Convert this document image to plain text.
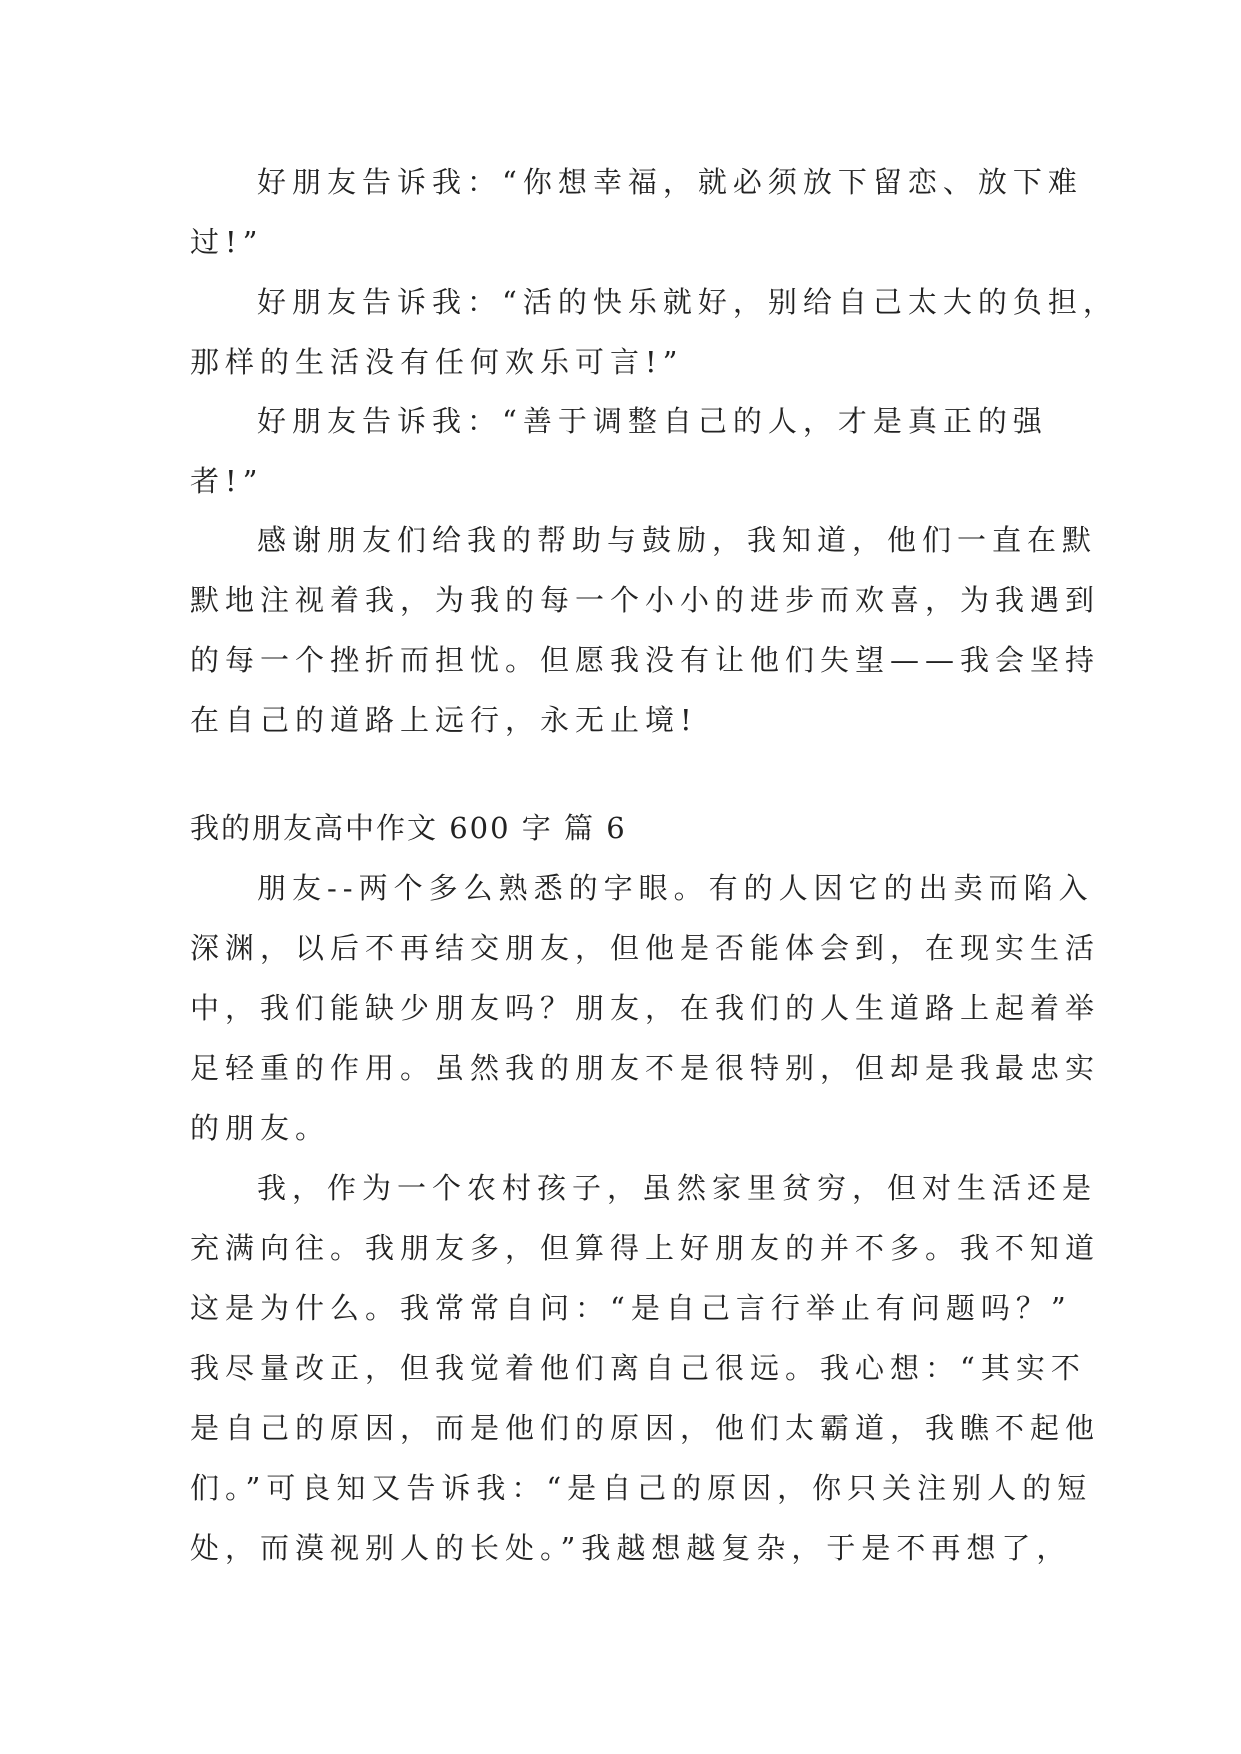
好朋友告诉我：“你想幸福，就必须放下留恋、放下难
过!”
好朋友告诉我：“活的快乐就好，别给自己太大的负担，
那样的生活没有任何欢乐可言!”
好朋友告诉我：“善于调整自己的人，才是真正的强
者!”
感谢朋友们给我的帮助与鼓励，我知道，他们一直在默
默地注视着我，为我的每一个小小的进步而欢喜，为我遇到
的每一个挫折而担忧。但愿我没有让他们失望——我会坚持
在自己的道路上远行，永无止境!
我的朋友高中作文 600 字 篇 6
朋友--两个多么熟悉的字眼。有的人因它的出卖而陷入
深渊，以后不再结交朋友，但他是否能体会到，在现实生活
中，我们能缺少朋友吗？朋友，在我们的人生道路上起着举
足轻重的作用。虽然我的朋友不是很特别，但却是我最忠实
的朋友。
我，作为一个农村孩子，虽然家里贫穷，但对生活还是
充满向往。我朋友多，但算得上好朋友的并不多。我不知道
这是为什么。我常常自问：“是自己言行举止有问题吗？”
我尽量改正，但我觉着他们离自己很远。我心想：“其实不
是自己的原因，而是他们的原因，他们太霸道，我瞧不起他
们。”可良知又告诉我：“是自己的原因，你只关注别人的短
处，而漠视别人的长处。”我越想越复杂，于是不再想了，
